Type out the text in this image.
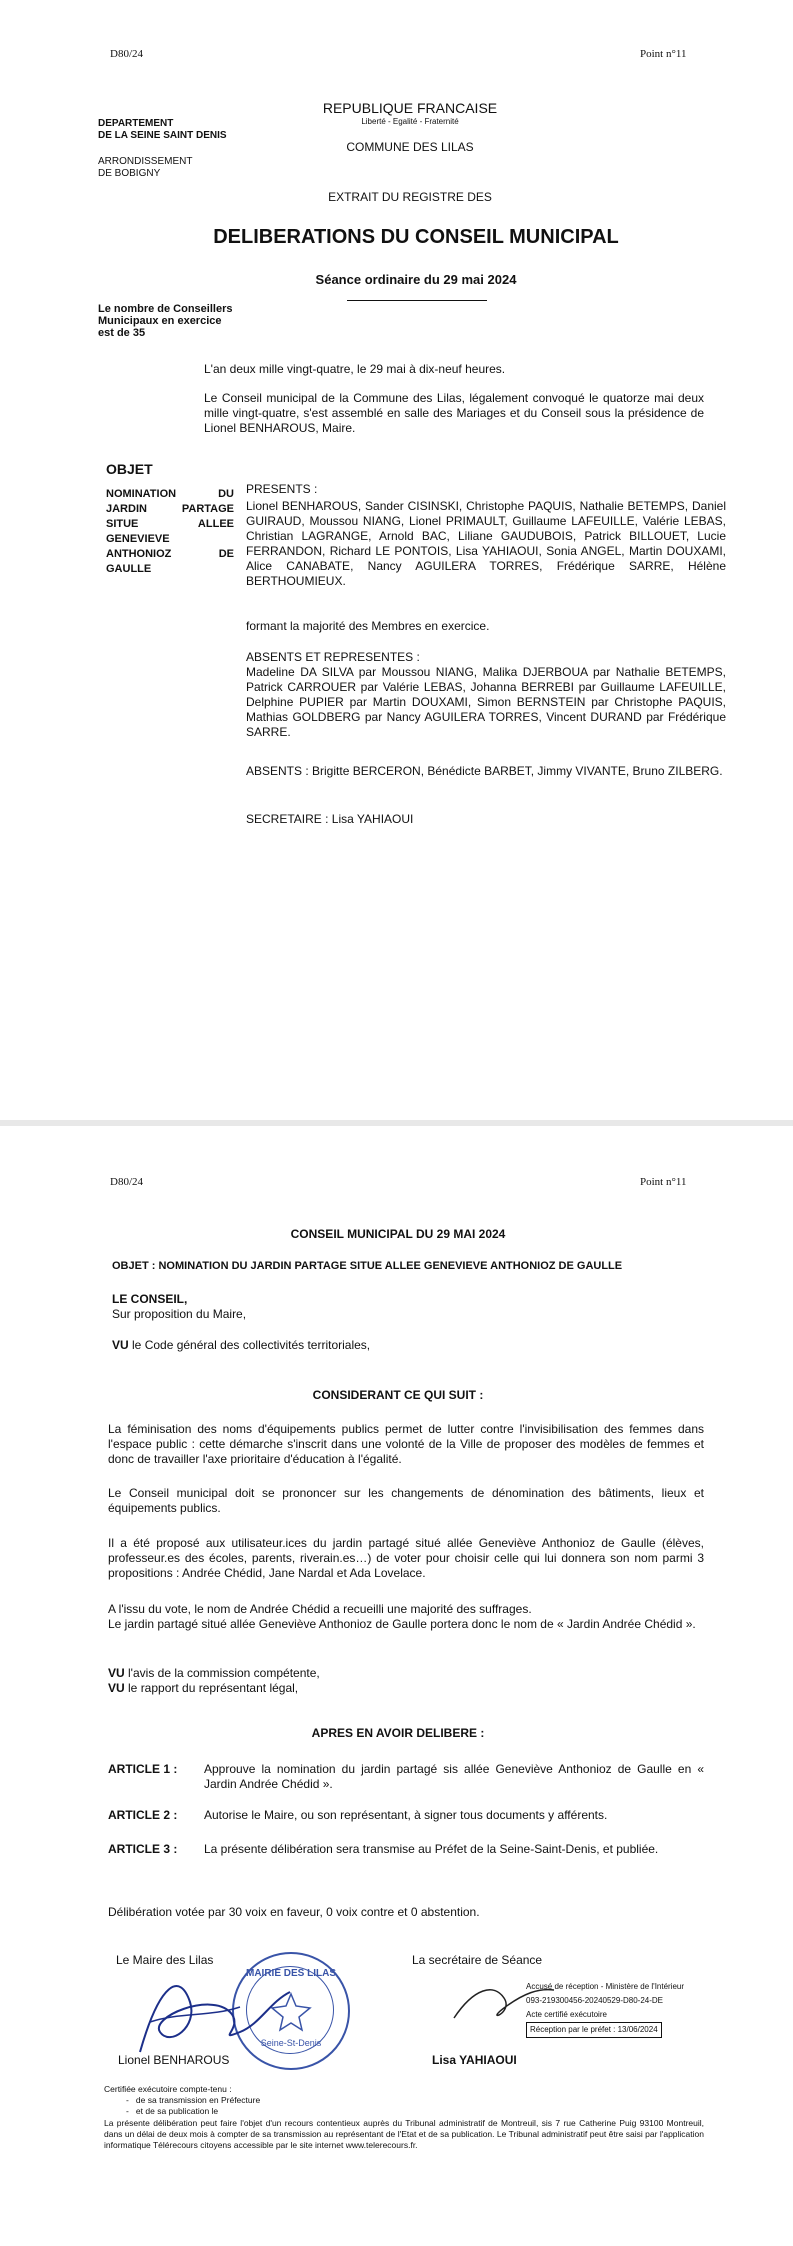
D80/24	Point n°11
DEPARTEMENT
DE LA SEINE SAINT DENIS
ARRONDISSEMENT
DE BOBIGNY
REPUBLIQUE FRANCAISE
Liberté - Egalité - Fraternité
COMMUNE DES LILAS
EXTRAIT DU REGISTRE DES
DELIBERATIONS DU CONSEIL MUNICIPAL
Séance ordinaire du 29 mai 2024
Le nombre de Conseillers
Municipaux en exercice
est de 35
L'an deux mille vingt-quatre, le 29 mai à dix-neuf heures.
Le Conseil municipal de la Commune des Lilas, légalement convoqué le quatorze mai deux mille vingt-quatre, s'est assemblé en salle des Mariages et du Conseil sous la présidence de Lionel BENHAROUS, Maire.
OBJET
NOMINATION DU JARDIN PARTAGE SITUE ALLEE GENEVIEVE ANTHONIOZ DE GAULLE
PRESENTS :
Lionel BENHAROUS, Sander CISINSKI, Christophe PAQUIS, Nathalie BETEMPS, Daniel GUIRAUD, Moussou NIANG, Lionel PRIMAULT, Guillaume LAFEUILLE, Valérie LEBAS, Christian LAGRANGE, Arnold BAC, Liliane GAUDUBOIS, Patrick BILLOUET, Lucie FERRANDON, Richard LE PONTOIS, Lisa YAHIAOUI, Sonia ANGEL, Martin DOUXAMI, Alice CANABATE, Nancy AGUILERA TORRES, Frédérique SARRE, Hélène BERTHOUMIEUX.
formant la majorité des Membres en exercice.
ABSENTS ET REPRESENTES :
Madeline DA SILVA par Moussou NIANG, Malika DJERBOUA par Nathalie BETEMPS, Patrick CARROUER par Valérie LEBAS, Johanna BERREBI par Guillaume LAFEUILLE, Delphine PUPIER par Martin DOUXAMI, Simon BERNSTEIN par Christophe PAQUIS, Mathias GOLDBERG par Nancy AGUILERA TORRES, Vincent DURAND par Frédérique SARRE.
ABSENTS : Brigitte BERCERON, Bénédicte BARBET, Jimmy VIVANTE, Bruno ZILBERG.
SECRETAIRE : Lisa YAHIAOUI
D80/24	Point n°11
CONSEIL MUNICIPAL DU 29 MAI 2024
OBJET : NOMINATION DU JARDIN PARTAGE SITUE ALLEE GENEVIEVE ANTHONIOZ DE GAULLE
LE CONSEIL,
Sur proposition du Maire,
VU le Code général des collectivités territoriales,
CONSIDERANT CE QUI SUIT :
La féminisation des noms d'équipements publics permet de lutter contre l'invisibilisation des femmes dans l'espace public : cette démarche s'inscrit dans une volonté de la Ville de proposer des modèles de femmes et donc de travailler l'axe prioritaire d'éducation à l'égalité.
Le Conseil municipal doit se prononcer sur les changements de dénomination des bâtiments, lieux et équipements publics.
Il a été proposé aux utilisateur.ices du jardin partagé situé allée Geneviève Anthonioz de Gaulle (élèves, professeur.es des écoles, parents, riverain.es…) de voter pour choisir celle qui lui donnera son nom parmi 3 propositions : Andrée Chédid, Jane Nardal et Ada Lovelace.
A l'issu du vote, le nom de Andrée Chédid a recueilli une majorité des suffrages.
Le jardin partagé situé allée Geneviève Anthonioz de Gaulle portera donc le nom de « Jardin Andrée Chédid ».
VU l'avis de la commission compétente,
VU le rapport du représentant légal,
APRES EN AVOIR DELIBERE :
ARTICLE 1 : Approuve la nomination du jardin partagé sis allée Geneviève Anthonioz de Gaulle en « Jardin Andrée Chédid ».
ARTICLE 2 : Autorise le Maire, ou son représentant, à signer tous documents y afférents.
ARTICLE 3 : La présente délibération sera transmise au Préfet de la Seine-Saint-Denis, et publiée.
Délibération votée par 30 voix en faveur, 0 voix contre et 0 abstention.
Le Maire des Lilas
MAIRIE DES LILAS
Seine-St-Denis
Lionel BENHAROUS
La secrétaire de Séance
Accusé de réception - Ministère de l'Intérieur
093-219300456-20240529-D80-24-DE
Acte certifié exécutoire
Réception par le préfet : 13/06/2024
Lisa YAHIAOUI
Certifiée exécutoire compte-tenu :
-   de sa transmission en Préfecture
-   et de sa publication le
La présente délibération peut faire l'objet d'un recours contentieux auprès du Tribunal administratif de Montreuil, sis 7 rue Catherine Puig 93100 Montreuil, dans un délai de deux mois à compter de sa transmission au représentant de l'Etat et de sa publication. Le Tribunal administratif peut être saisi par l'application informatique Télérecours citoyens accessible par le site internet www.telerecours.fr.
